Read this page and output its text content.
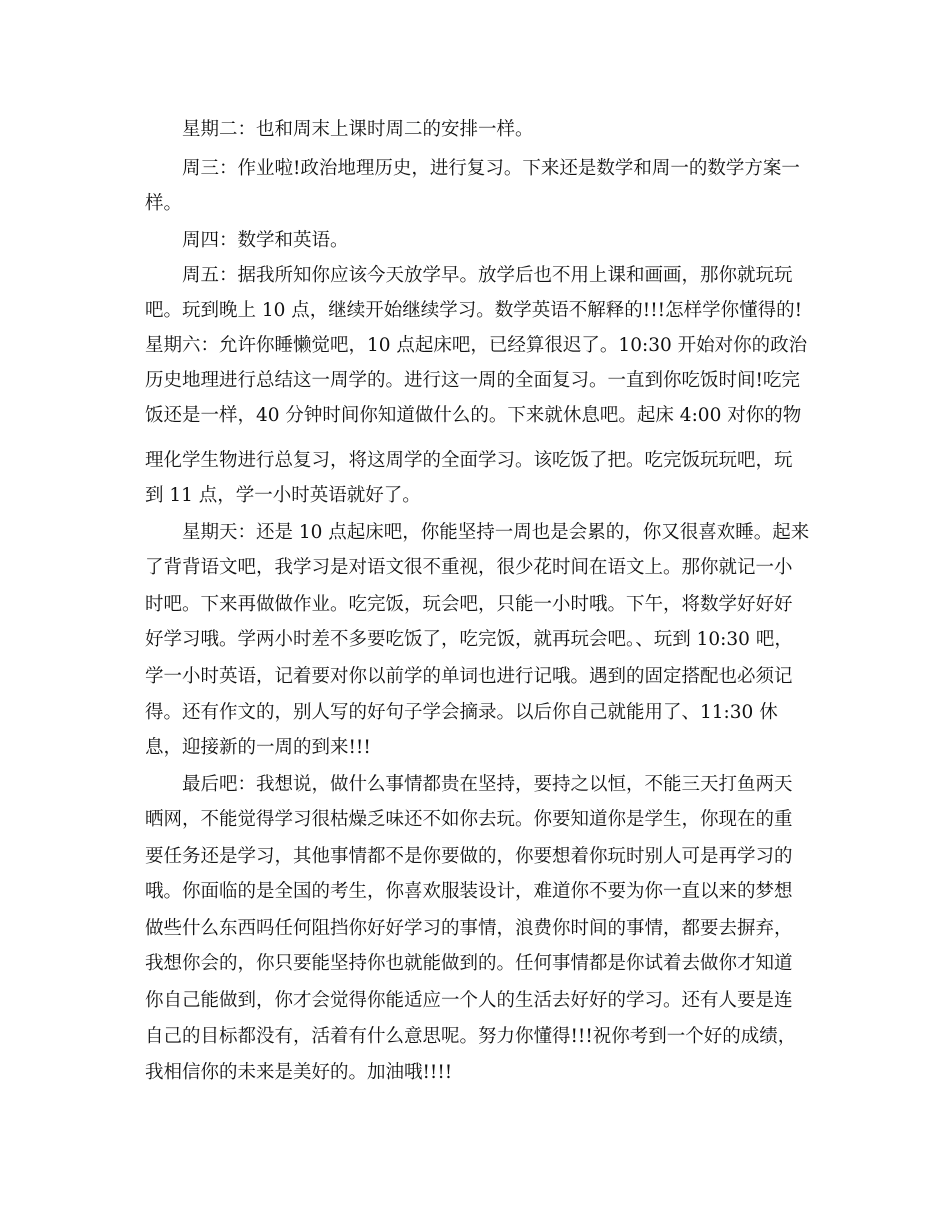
星期二：也和周末上课时周二的安排一样。

周三：作业啦!政治地理历史，进行复习。下来还是数学和周一的数学方案一

样。

周四：数学和英语。

周五：据我所知你应该今天放学早。放学后也不用上课和画画，那你就玩玩

吧。玩到晚上 10 点，继续开始继续学习。数学英语不解释的!!!怎样学你懂得的!

星期六：允许你睡懒觉吧，10 点起床吧，已经算很迟了。10:30 开始对你的政治

历史地理进行总结这一周学的。进行这一周的全面复习。一直到你吃饭时间!吃完

饭还是一样，40 分钟时间你知道做什么的。下来就休息吧。起床 4:00 对你的物

理化学生物进行总复习，将这周学的全面学习。该吃饭了把。吃完饭玩玩吧，玩

到 11 点，学一小时英语就好了。

星期天：还是 10 点起床吧，你能坚持一周也是会累的，你又很喜欢睡。起来

了背背语文吧，我学习是对语文很不重视，很少花时间在语文上。那你就记一小

时吧。下来再做做作业。吃完饭，玩会吧，只能一小时哦。下午，将数学好好好

好学习哦。学两小时差不多要吃饭了，吃完饭，就再玩会吧。、玩到 10:30 吧，

学一小时英语，记着要对你以前学的单词也进行记哦。遇到的固定搭配也必须记

得。还有作文的，别人写的好句子学会摘录。以后你自己就能用了、11:30 休

息，迎接新的一周的到来!!!

最后吧：我想说，做什么事情都贵在坚持，要持之以恒，不能三天打鱼两天

晒网，不能觉得学习很枯燥乏味还不如你去玩。你要知道你是学生，你现在的重

要任务还是学习，其他事情都不是你要做的，你要想着你玩时别人可是再学习的

哦。你面临的是全国的考生，你喜欢服装设计，难道你不要为你一直以来的梦想

做些什么东西吗任何阻挡你好好学习的事情，浪费你时间的事情，都要去摒弃，

我想你会的，你只要能坚持你也就能做到的。任何事情都是你试着去做你才知道

你自己能做到，你才会觉得你能适应一个人的生活去好好的学习。还有人要是连

自己的目标都没有，活着有什么意思呢。努力你懂得!!!祝你考到一个好的成绩，

我相信你的未来是美好的。加油哦!!!!
